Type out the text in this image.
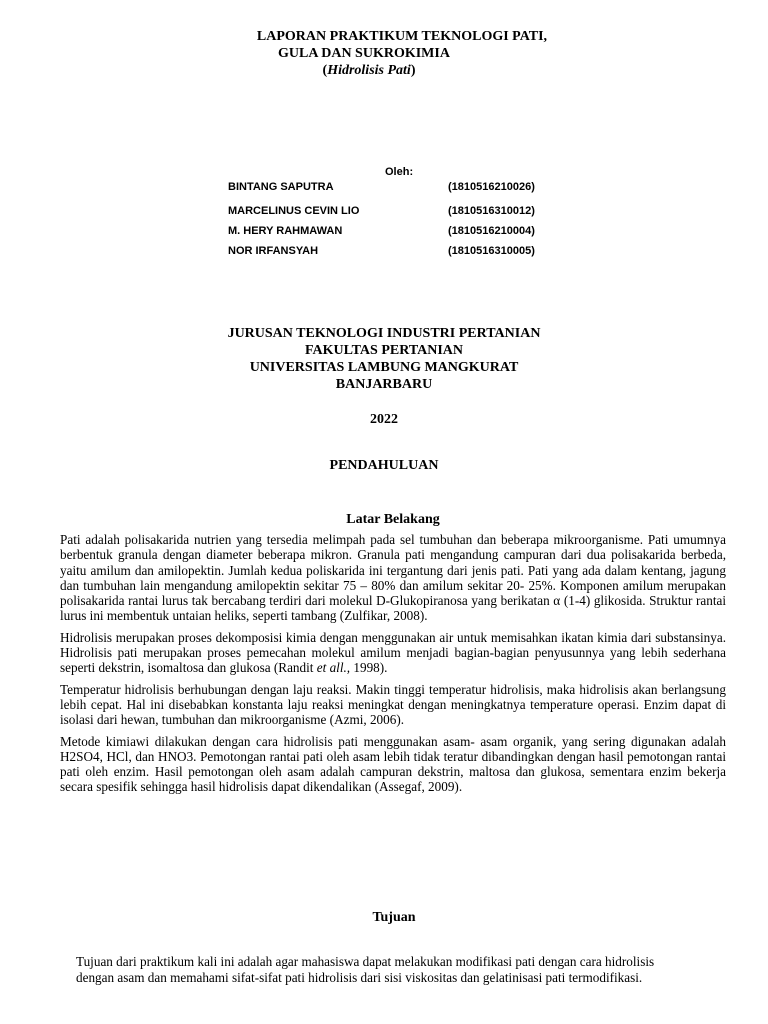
LAPORAN PRAKTIKUM TEKNOLOGI PATI,
GULA DAN SUKROKIMIA
(Hidrolisis Pati)
Oleh:
BINTANG SAPUTRA	(1810516210026)
MARCELINUS CEVIN LIO	(1810516310012)
M. HERY RAHMAWAN	(1810516210004)
NOR IRFANSYAH	(1810516310005)
JURUSAN TEKNOLOGI INDUSTRI PERTANIAN
FAKULTAS PERTANIAN
UNIVERSITAS LAMBUNG MANGKURAT
BANJARBARU
2022
PENDAHULUAN
Latar Belakang

Pati adalah polisakarida nutrien yang tersedia melimpah pada sel tumbuhan dan beberapa mikroorganisme. Pati umumnya berbentuk granula dengan diameter beberapa mikron. Granula pati mengandung campuran dari dua polisakarida berbeda, yaitu amilum dan amilopektin. Jumlah kedua poliskarida ini tergantung dari jenis pati. Pati yang ada dalam kentang, jagung dan tumbuhan lain mengandung amilopektin sekitar 75 – 80% dan amilum sekitar 20- 25%. Komponen amilum merupakan polisakarida rantai lurus tak bercabang terdiri dari molekul D-Glukopiranosa yang berikatan α (1-4) glikosida. Struktur rantai lurus ini membentuk untaian heliks, seperti tambang (Zulfikar, 2008).

Hidrolisis merupakan proses dekomposisi kimia dengan menggunakan air untuk memisahkan ikatan kimia dari substansinya. Hidrolisis pati merupakan proses pemecahan molekul amilum menjadi bagian-bagian penyusunnya yang lebih sederhana seperti dekstrin, isomaltosa dan glukosa (Randit et all., 1998).

Temperatur hidrolisis berhubungan dengan laju reaksi. Makin tinggi temperatur hidrolisis, maka hidrolisis akan berlangsung lebih cepat. Hal ini disebabkan konstanta laju reaksi meningkat dengan meningkatnya temperature operasi. Enzim dapat di isolasi dari hewan, tumbuhan dan mikroorganisme (Azmi, 2006).

Metode kimiawi dilakukan dengan cara hidrolisis pati menggunakan asam- asam organik, yang sering digunakan adalah H2SO4, HCl, dan HNO3. Pemotongan rantai pati oleh asam lebih tidak teratur dibandingkan dengan hasil pemotongan rantai pati oleh enzim. Hasil pemotongan oleh asam adalah campuran dekstrin, maltosa dan glukosa, sementara enzim bekerja secara spesifik sehingga hasil hidrolisis dapat dikendalikan (Assegaf, 2009).

Tujuan
Tujuan dari praktikum kali ini adalah agar mahasiswa dapat melakukan modifikasi pati dengan cara hidrolisis dengan asam dan memahami sifat-sifat pati hidrolisis dari sisi viskositas dan gelatinisasi pati termodifikasi.
